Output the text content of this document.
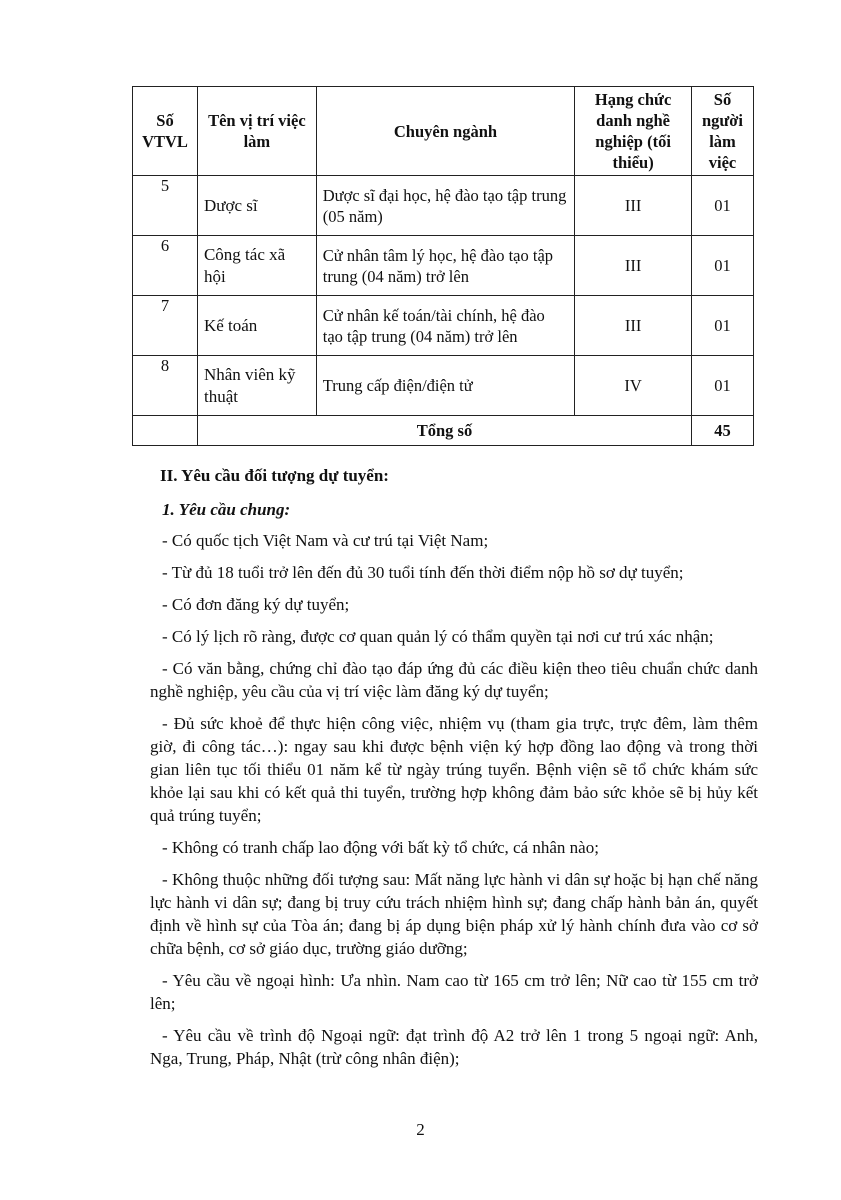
Số VTVL	Tên vị trí việc làm	Chuyên ngành	Hạng chức danh nghề nghiệp (tối thiểu)	Số người làm việc
5	Dược sĩ	Dược sĩ đại học, hệ đào tạo tập trung (05 năm)	III	01
6	Công tác xã hội	Cử nhân tâm lý học, hệ đào tạo tập trung (04 năm) trở lên	III	01
7	Kế toán	Cử nhân kế toán/tài chính, hệ đào tạo tập trung (04 năm) trở lên	III	01
8	Nhân viên kỹ thuật	Trung cấp điện/điện tử	IV	01
	Tổng số			45
II. Yêu cầu đối tượng dự tuyển:
1. Yêu cầu chung:
- Có quốc tịch Việt Nam và cư trú tại Việt Nam;
- Từ đủ 18 tuổi trở lên đến đủ 30 tuổi tính đến thời điểm nộp hồ sơ dự tuyển;
- Có đơn đăng ký dự tuyển;
- Có lý lịch rõ ràng, được cơ quan quản lý có thẩm quyền tại nơi cư trú xác nhận;
- Có văn bằng, chứng chỉ đào tạo đáp ứng đủ các điều kiện theo tiêu chuẩn chức danh nghề nghiệp, yêu cầu của vị trí việc làm đăng ký dự tuyển;
- Đủ sức khoẻ để thực hiện công việc, nhiệm vụ (tham gia trực, trực đêm, làm thêm giờ, đi công tác…): ngay sau khi được bệnh viện ký hợp đồng lao động và trong thời gian liên tục tối thiểu 01 năm kể từ ngày trúng tuyển. Bệnh viện sẽ tổ chức khám sức khỏe lại sau khi có kết quả thi tuyển, trường hợp không đảm bảo sức khỏe sẽ bị hủy kết quả trúng tuyển;
- Không có tranh chấp lao động với bất kỳ tổ chức, cá nhân nào;
- Không thuộc những đối tượng sau: Mất năng lực hành vi dân sự hoặc bị hạn chế năng lực hành vi dân sự; đang bị truy cứu trách nhiệm hình sự; đang chấp hành bản án, quyết định về hình sự của Tòa án; đang bị áp dụng biện pháp xử lý hành chính đưa vào cơ sở chữa bệnh, cơ sở giáo dục, trường giáo dưỡng;
- Yêu cầu về ngoại hình: Ưa nhìn. Nam cao từ 165 cm trở lên; Nữ cao từ 155 cm trở lên;
- Yêu cầu về trình độ Ngoại ngữ: đạt trình độ A2 trở lên 1 trong 5 ngoại ngữ: Anh, Nga, Trung, Pháp, Nhật (trừ công nhân điện);
2
